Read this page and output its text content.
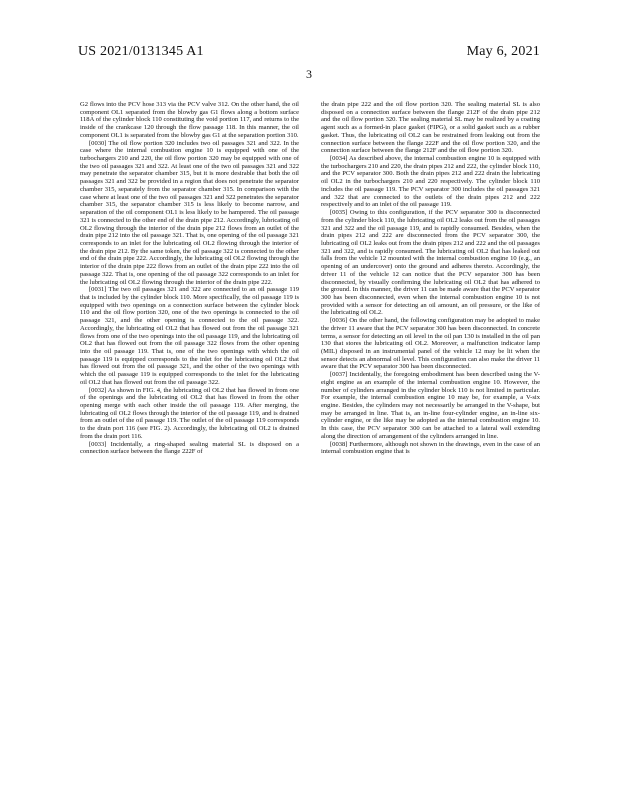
US 2021/0131345 A1	May 6, 2021
3

G2 flows into the PCV hose 313 via the PCV valve 312. On the other hand, the oil component OL1 separated from the blowby gas G1 flows along a bottom surface 118A of the cylinder block 110 constituting the void portion 117, and returns to the inside of the crankcase 120 through the flow passage 118. In this manner, the oil component OL1 is separated from the blowby gas G1 at the separation portion 310.

[0030] The oil flow portion 320 includes two oil passages 321 and 322. In the case where the internal combustion engine 10 is equipped with one of the turbochargers 210 and 220, the oil flow portion 320 may be equipped with one of the two oil passages 321 and 322. At least one of the two oil passages 321 and 322 may penetrate the separator chamber 315, but it is more desirable that both the oil passages 321 and 322 be provided in a region that does not penetrate the separator chamber 315, separately from the separator chamber 315. In comparison with the case where at least one of the two oil passages 321 and 322 penetrates the separator chamber 315, the separator chamber 315 is less likely to become narrow, and separation of the oil component OL1 is less likely to be hampered. The oil passage 321 is connected to the other end of the drain pipe 212. Accordingly, lubricating oil OL2 flowing through the interior of the drain pipe 212 flows from an outlet of the drain pipe 212 into the oil passage 321. That is, one opening of the oil passage 321 corresponds to an inlet for the lubricating oil OL2 flowing through the interior of the drain pipe 212. By the same token, the oil passage 322 is connected to the other end of the drain pipe 222. Accordingly, the lubricating oil OL2 flowing through the interior of the drain pipe 222 flows from an outlet of the drain pipe 222 into the oil passage 322. That is, one opening of the oil passage 322 corresponds to an inlet for the lubricating oil OL2 flowing through the interior of the drain pipe 222.

[0031] The two oil passages 321 and 322 are connected to an oil passage 119 that is included by the cylinder block 110. More specifically, the oil passage 119 is equipped with two openings on a connection surface between the cylinder block 110 and the oil flow portion 320, one of the two openings is connected to the oil passage 321, and the other opening is connected to the oil passage 322. Accordingly, the lubricating oil OL2 that has flowed out from the oil passage 321 flows from one of the two openings into the oil passage 119, and the lubricating oil OL2 that has flowed out from the oil passage 322 flows from the other opening into the oil passage 119. That is, one of the two openings with which the oil passage 119 is equipped corresponds to the inlet for the lubricating oil OL2 that has flowed out from the oil passage 321, and the other of the two openings with which the oil passage 119 is equipped corresponds to the inlet for the lubricating oil OL2 that has flowed out from the oil passage 322.

[0032] As shown in FIG. 4, the lubricating oil OL2 that has flowed in from one of the openings and the lubricating oil OL2 that has flowed in from the other opening merge with each other inside the oil passage 119. After merging, the lubricating oil OL2 flows through the interior of the oil passage 119, and is drained from an outlet of the oil passage 119. The outlet of the oil passage 119 corresponds to the drain port 116 (see FIG. 2). Accordingly, the lubricating oil OL2 is drained from the drain port 116.

[0033] Incidentally, a ring-shaped sealing material SL is disposed on a connection surface between the flange 222F of

the drain pipe 222 and the oil flow portion 320. The sealing material SL is also disposed on a connection surface between the flange 212F of the drain pipe 212 and the oil flow portion 320. The sealing material SL may be realized by a coating agent such as a formed-in place gasket (FIPG), or a solid gasket such as a rubber gasket. Thus, the lubricating oil OL2 can be restrained from leaking out from the connection surface between the flange 222F and the oil flow portion 320, and the connection surface between the flange 212F and the oil flow portion 320.

[0034] As described above, the internal combustion engine 10 is equipped with the turbochargers 210 and 220, the drain pipes 212 and 222, the cylinder block 110, and the PCV separator 300. Both the drain pipes 212 and 222 drain the lubricating oil OL2 in the turbochargers 210 and 220 respectively. The cylinder block 110 includes the oil passage 119. The PCV separator 300 includes the oil passages 321 and 322 that are connected to the outlets of the drain pipes 212 and 222 respectively and to an inlet of the oil passage 119.

[0035] Owing to this configuration, if the PCV separator 300 is disconnected from the cylinder block 110, the lubricating oil OL2 leaks out from the oil passages 321 and 322 and the oil passage 119, and is rapidly consumed. Besides, when the drain pipes 212 and 222 are disconnected from the PCV separator 300, the lubricating oil OL2 leaks out from the drain pipes 212 and 222 and the oil passages 321 and 322, and is rapidly consumed. The lubricating oil OL2 that has leaked out falls from the vehicle 12 mounted with the internal combustion engine 10 (e.g., an opening of an undercover) onto the ground and adheres thereto. Accordingly, the driver 11 of the vehicle 12 can notice that the PCV separator 300 has been disconnected, by visually confirming the lubricating oil OL2 that has adhered to the ground. In this manner, the driver 11 can be made aware that the PCV separator 300 has been disconnected, even when the internal combustion engine 10 is not provided with a sensor for detecting an oil amount, an oil pressure, or the like of the lubricating oil OL2.

[0036] On the other hand, the following configuration may be adopted to make the driver 11 aware that the PCV separator 300 has been disconnected. In concrete terms, a sensor for detecting an oil level in the oil pan 130 is installed in the oil pan 130 that stores the lubricating oil OL2. Moreover, a malfunction indicator lamp (MIL) disposed in an instrumental panel of the vehicle 12 may be lit when the sensor detects an abnormal oil level. This configuration can also make the driver 11 aware that the PCV separator 300 has been disconnected.

[0037] Incidentally, the foregoing embodiment has been described using the V-eight engine as an example of the internal combustion engine 10. However, the number of cylinders arranged in the cylinder block 110 is not limited in particular. For example, the internal combustion engine 10 may be, for example, a V-six engine. Besides, the cylinders may not necessarily be arranged in the V-shape, but may be arranged in line. That is, an in-line four-cylinder engine, an in-line six-cylinder engine, or the like may be adopted as the internal combustion engine 10. In this case, the PCV separator 300 can be attached to a lateral wall extending along the direction of arrangement of the cylinders arranged in line.

[0038] Furthermore, although not shown in the drawings, even in the case of an internal combustion engine that is
